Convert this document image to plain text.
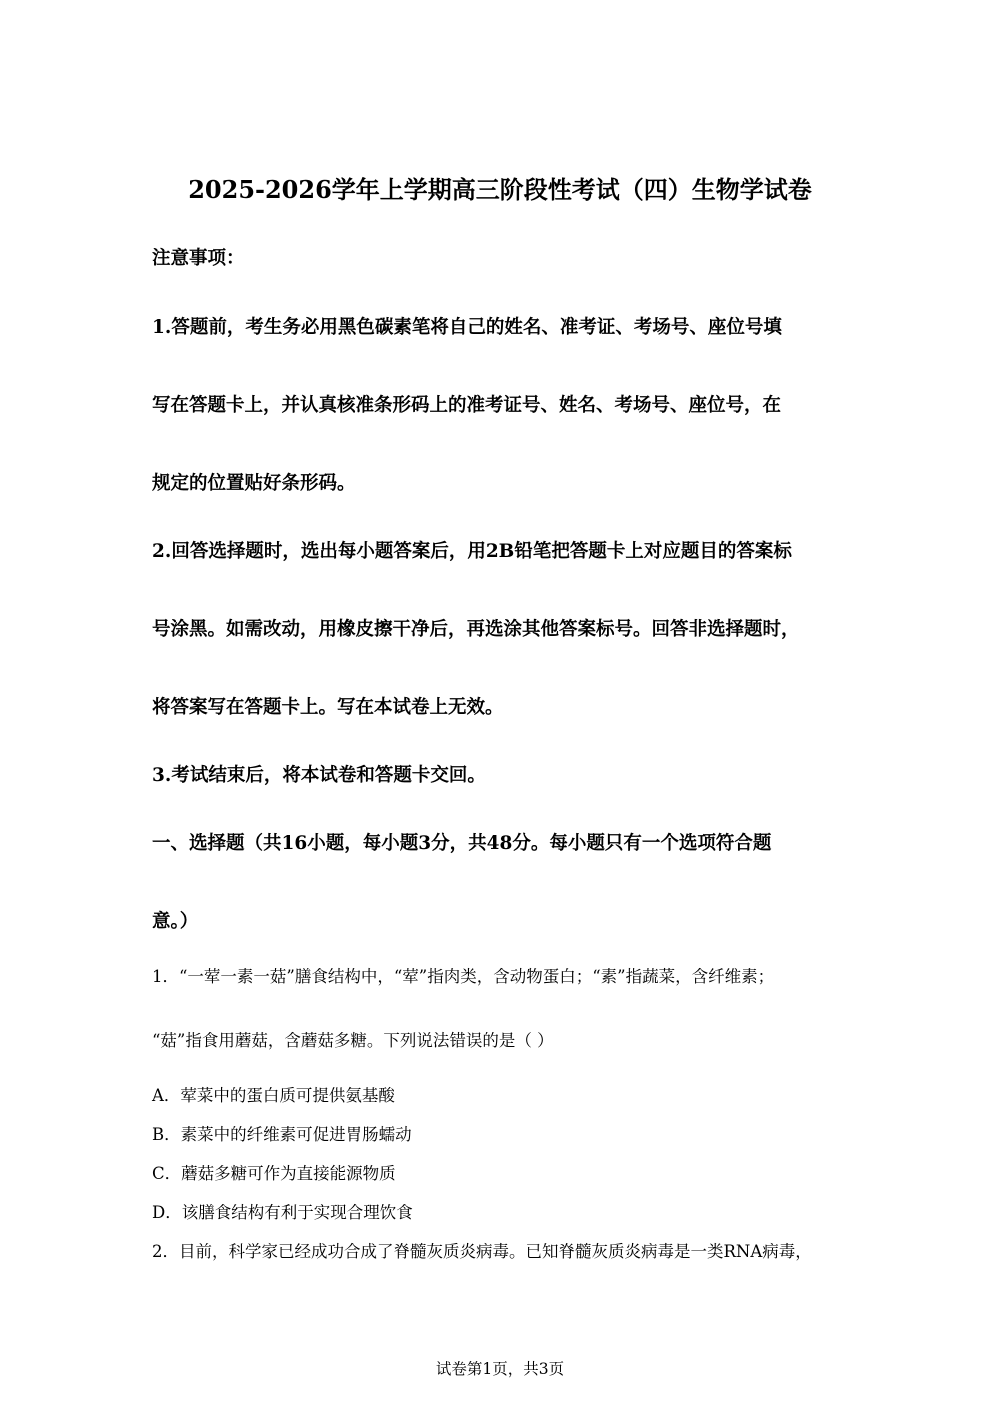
2025-2026学年上学期高三阶段性考试（四）生物学试卷
注意事项：
1.答题前，考生务必用黑色碳素笔将自己的姓名、准考证、考场号、座位号填
写在答题卡上，并认真核准条形码上的准考证号、姓名、考场号、座位号，在
规定的位置贴好条形码。
2.回答选择题时，选出每小题答案后，用2B铅笔把答题卡上对应题目的答案标
号涂黑。如需改动，用橡皮擦干净后，再选涂其他答案标号。回答非选择题时，
将答案写在答题卡上。写在本试卷上无效。
3.考试结束后，将本试卷和答题卡交回。
一、选择题（共16小题，每小题3分，共48分。每小题只有一个选项符合题
意。）
1．“一荤一素一菇”膳食结构中，“荤”指肉类，含动物蛋白；“素”指蔬菜，含纤维素；
“菇”指食用蘑菇，含蘑菇多糖。下列说法错误的是（ ）
A．荤菜中的蛋白质可提供氨基酸
B．素菜中的纤维素可促进胃肠蠕动
C．蘑菇多糖可作为直接能源物质
D．该膳食结构有利于实现合理饮食
2．目前，科学家已经成功合成了脊髓灰质炎病毒。已知脊髓灰质炎病毒是一类RNA病毒，
试卷第1页，共3页
